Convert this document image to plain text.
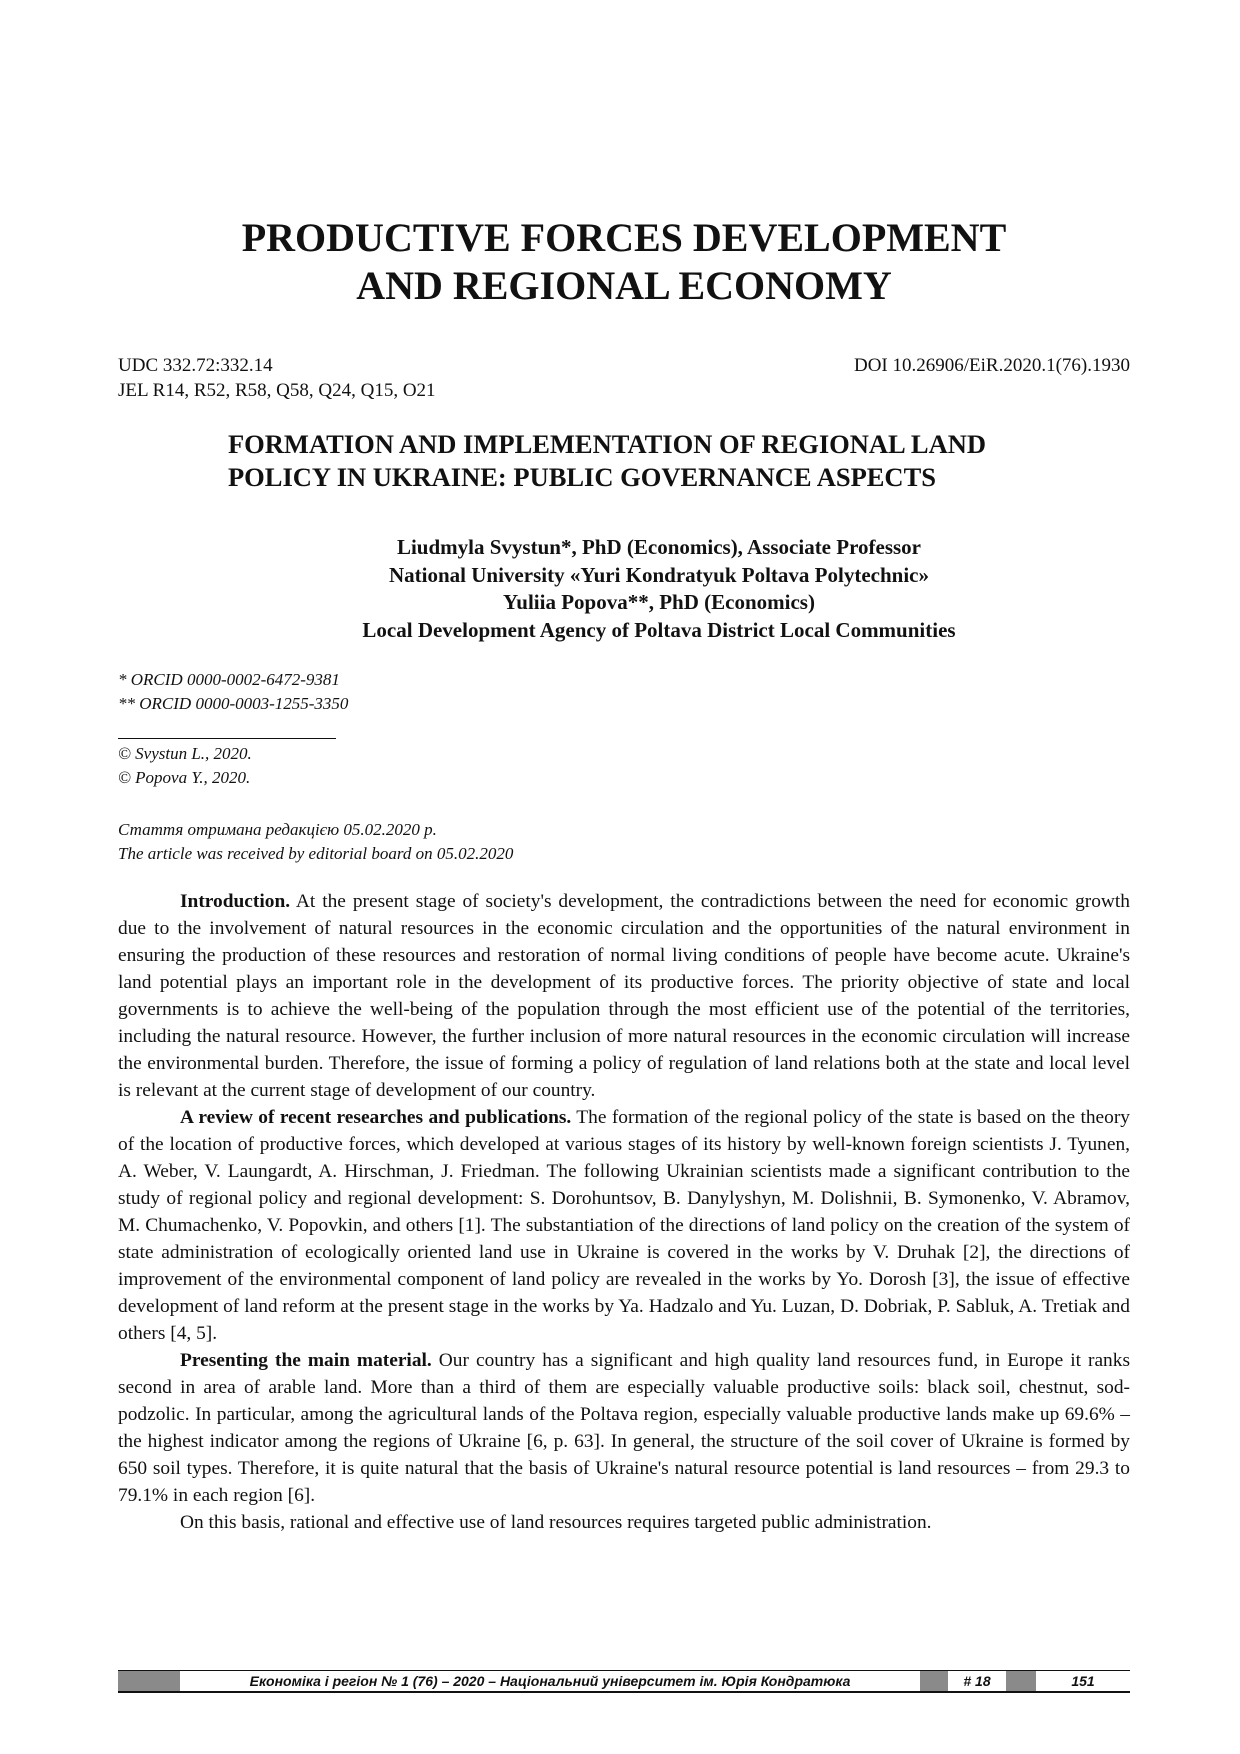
PRODUCTIVE FORCES DEVELOPMENT
AND REGIONAL ECONOMY
UDC 332.72:332.14
JEL R14, R52, R58, Q58, Q24, Q15, O21
DOI 10.26906/EiR.2020.1(76).1930
FORMATION AND IMPLEMENTATION OF REGIONAL LAND
POLICY IN UKRAINE: PUBLIC GOVERNANCE ASPECTS
Liudmyla Svystun*, PhD (Economics), Associate Professor
National University «Yuri Kondratyuk Poltava Polytechnic»
Yuliia Popova**, PhD (Economics)
Local Development Agency of Poltava District Local Communities
* ORCID 0000-0002-6472-9381
** ORCID 0000-0003-1255-3350
© Svystun L., 2020.
© Popova Y., 2020.
Стаття отримана редакцією 05.02.2020 р.
The article was received by editorial board on 05.02.2020

Introduction. At the present stage of society's development, the contradictions between the need for economic growth due to the involvement of natural resources in the economic circulation and the opportunities of the natural environment in ensuring the production of these resources and restoration of normal living conditions of people have become acute. Ukraine's land potential plays an important role in the development of its productive forces. The priority objective of state and local governments is to achieve the well-being of the population through the most efficient use of the potential of the territories, including the natural resource. However, the further inclusion of more natural resources in the economic circulation will increase the environmental burden. Therefore, the issue of forming a policy of regulation of land relations both at the state and local level is relevant at the current stage of development of our country.

A review of recent researches and publications. The formation of the regional policy of the state is based on the theory of the location of productive forces, which developed at various stages of its history by well-known foreign scientists J. Tyunen, A. Weber, V. Laungardt, A. Hirschman, J. Friedman. The following Ukrainian scientists made a significant contribution to the study of regional policy and regional development: S. Dorohuntsov, B. Danylyshyn, M. Dolishnii, B. Symonenko, V. Abramov, M. Chumachenko, V. Popovkin, and others [1]. The substantiation of the directions of land policy on the creation of the system of state administration of ecologically oriented land use in Ukraine is covered in the works by V. Druhak [2], the directions of improvement of the environmental component of land policy are revealed in the works by Yo. Dorosh [3], the issue of effective development of land reform at the present stage in the works by Ya. Hadzalo and Yu. Luzan, D. Dobriak, P. Sabluk, A. Tretiak and others [4, 5].

Presenting the main material. Our country has a significant and high quality land resources fund, in Europe it ranks second in area of arable land. More than a third of them are especially valuable productive soils: black soil, chestnut, sod-podzolic. In particular, among the agricultural lands of the Poltava region, especially valuable productive lands make up 69.6% – the highest indicator among the regions of Ukraine [6, p. 63]. In general, the structure of the soil cover of Ukraine is formed by 650 soil types. Therefore, it is quite natural that the basis of Ukraine's natural resource potential is land resources – from 29.3 to 79.1% in each region [6].

On this basis, rational and effective use of land resources requires targeted public administration.

Економіка і регіон № 1 (76) – 2020 – Національний університет ім. Юрія Кондратюка	# 18	151
